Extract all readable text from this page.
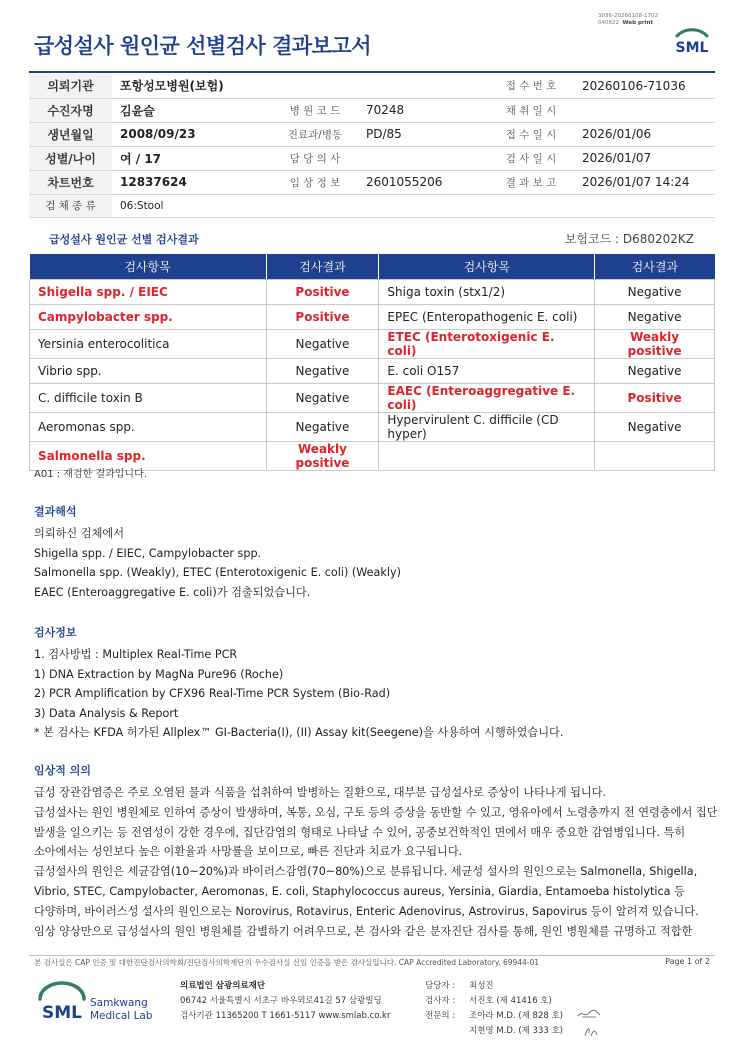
3036-20260108-1702
040822 Web print
급성설사 원인균 선별검사 결과보고서	SML
의뢰기관	포항성모병원(보험)			접 수 번 호	20260106-71036
수진자명	김윤슬	병 원 코 드	70248	채 취 일 시	
생년월일	2008/09/23	진료과/병동	PD/85	접 수 일 시	2026/01/06
성별/나이	여 / 17	담 당 의 사		검 사 일 시	2026/01/07
차트번호	12837624	임 상 정 보	2601055206	결 과 보 고	2026/01/07 14:24
검 체 종 류	06:Stool				
급성설사 원인균 선별 검사결과	보험코드 : D680202KZ
검사항목	검사결과	검사항목	검사결과
Shigella spp. / EIEC	Positive	Shiga toxin (stx1/2)	Negative
Campylobacter spp.	Positive	EPEC (Enteropathogenic E. coli)	Negative
Yersinia enterocolitica	Negative	ETEC (Enterotoxigenic E. coli)	Weakly positive
Vibrio spp.	Negative	E. coli O157	Negative
C. difficile toxin B	Negative	EAEC (Enteroaggregative E. coli)	Positive
Aeromonas spp.	Negative	Hypervirulent C. difficile (CD hyper)	Negative
Salmonella spp.	Weakly positive		
A01 : 재검한 결과입니다.
결과해석

의뢰하신 검체에서

Shigella spp. / EIEC, Campylobacter spp.

Salmonella spp. (Weakly), ETEC (Enterotoxigenic E. coli) (Weakly)

EAEC (Enteroaggregative E. coli)가 검출되었습니다.

검사정보

1. 검사방법 : Multiplex Real-Time PCR

1) DNA Extraction by MagNa Pure96 (Roche)

2) PCR Amplification by CFX96 Real-Time PCR System (Bio-Rad)

3) Data Analysis & Report

* 본 검사는 KFDA 허가된 Allplex™ GI-Bacteria(I), (II) Assay kit(Seegene)을 사용하여 시행하였습니다.

임상적 의의

급성 장관감염증은 주로 오염된 물과 식품을 섭취하여 발병하는 질환으로, 대부분 급성설사로 증상이 나타나게 됩니다.

급성설사는 원인 병원체로 인하여 증상이 발생하며, 복통, 오심, 구토 등의 증상을 동반할 수 있고, 영유아에서 노령층까지 전 연령층에서 집단

발생을 일으키는 등 전염성이 강한 경우에, 집단감염의 형태로 나타날 수 있어, 공중보건학적인 면에서 매우 중요한 감염병입니다. 특히

소아에서는 성인보다 높은 이환율과 사망률을 보이므로, 빠른 진단과 치료가 요구됩니다.

급성설사의 원인은 세균감염(10~20%)과 바이러스감염(70~80%)으로 분류됩니다. 세균성 설사의 원인으로는 Salmonella, Shigella,

Vibrio, STEC, Campylobacter, Aeromonas, E. coli, Staphylococcus aureus, Yersinia, Giardia, Entamoeba histolytica 등

다양하며, 바이러스성 설사의 원인으로는 Norovirus, Rotavirus, Enteric Adenovirus, Astrovirus, Sapovirus 등이 알려져 있습니다.

임상 양상만으로 급성설사의 원인 병원체를 감별하기 어려우므로, 본 검사와 같은 분자진단 검사를 통해, 원인 병원체를 규명하고 적합한

본 검사실은 CAP 인증 및 대한진단검사의학회/진단검사의학재단의 우수검사실 신임 인증을 받은 검사실입니다. CAP Accredited Laboratory. 69944-01	Page 1 of 2
SML Samkwang
Medical Lab
의료법인 삼광의료재단
06742 서울특별시 서초구 바우뫼로41길 57 삼광빌딩
검사기관 11365200 T 1661-5117 www.smlab.co.kr
담당자 :	최성진
검사자 :	서진호 (제 41416 호)
전문의 :	조아라 M.D. (제 828 호)
지현영 M.D. (제 333 호)
